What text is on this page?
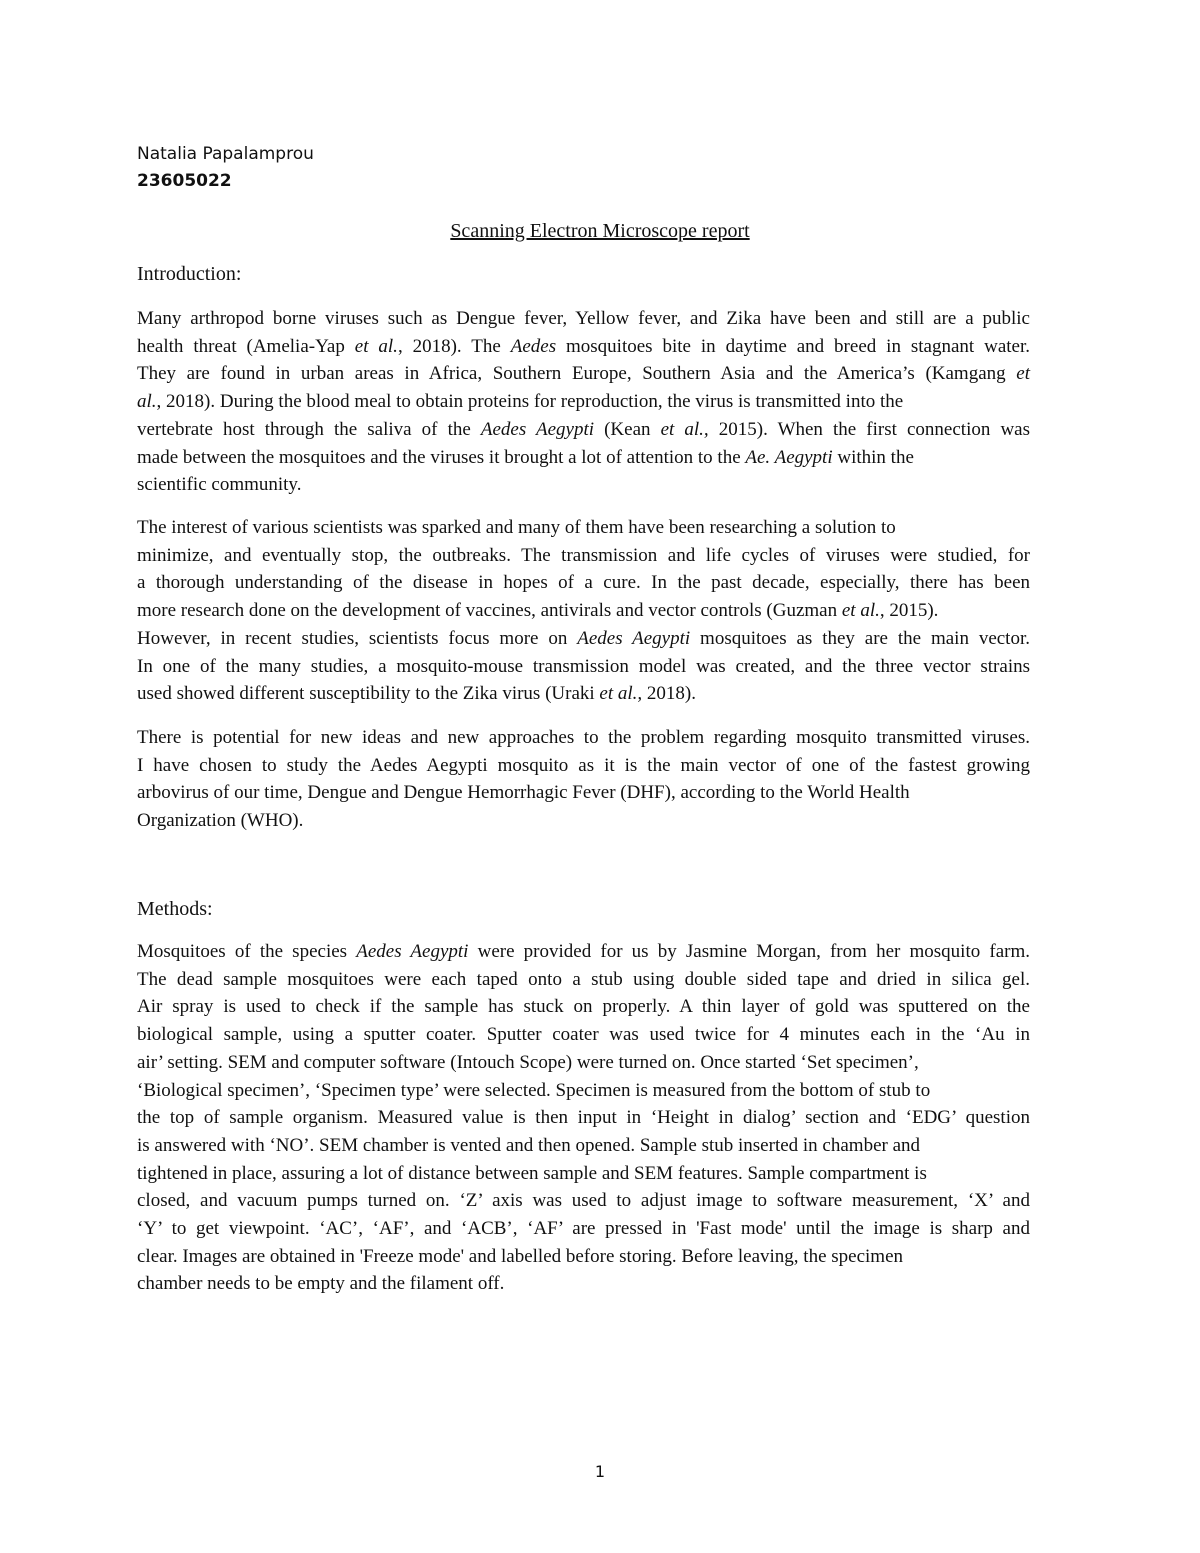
Natalia Papalamprou
23605022
Scanning Electron Microscope report
Introduction:
Many arthropod borne viruses such as Dengue fever, Yellow fever, and Zika have been and still are a public
health threat (Amelia-Yap et al., 2018). The Aedes mosquitoes bite in daytime and breed in stagnant water.
They are found in urban areas in Africa, Southern Europe, Southern Asia and the America’s (Kamgang et
al., 2018). During the blood meal to obtain proteins for reproduction, the virus is transmitted into the
vertebrate host through the saliva of the Aedes Aegypti (Kean et al., 2015). When the first connection was
made between the mosquitoes and the viruses it brought a lot of attention to the Ae. Aegypti within the
scientific community.
The interest of various scientists was sparked and many of them have been researching a solution to
minimize, and eventually stop, the outbreaks. The transmission and life cycles of viruses were studied, for
a thorough understanding of the disease in hopes of a cure. In the past decade, especially, there has been
more research done on the development of vaccines, antivirals and vector controls (Guzman et al., 2015).
However, in recent studies, scientists focus more on Aedes Aegypti mosquitoes as they are the main vector.
In one of the many studies, a mosquito-mouse transmission model was created, and the three vector strains
used showed different susceptibility to the Zika virus (Uraki et al., 2018).
There is potential for new ideas and new approaches to the problem regarding mosquito transmitted viruses.
I have chosen to study the Aedes Aegypti mosquito as it is the main vector of one of the fastest growing
arbovirus of our time, Dengue and Dengue Hemorrhagic Fever (DHF), according to the World Health
Organization (WHO).
Methods:
Mosquitoes of the species Aedes Aegypti were provided for us by Jasmine Morgan, from her mosquito farm.
The dead sample mosquitoes were each taped onto a stub using double sided tape and dried in silica gel.
Air spray is used to check if the sample has stuck on properly. A thin layer of gold was sputtered on the
biological sample, using a sputter coater. Sputter coater was used twice for 4 minutes each in the ‘Au in
air’ setting. SEM and computer software (Intouch Scope) were turned on. Once started ‘Set specimen’,
‘Biological specimen’, ‘Specimen type’ were selected. Specimen is measured from the bottom of stub to
the top of sample organism. Measured value is then input in ‘Height in dialog’ section and ‘EDG’ question
is answered with ‘NO’. SEM chamber is vented and then opened. Sample stub inserted in chamber and
tightened in place, assuring a lot of distance between sample and SEM features. Sample compartment is
closed, and vacuum pumps turned on. ‘Z’ axis was used to adjust image to software measurement, ‘X’ and
‘Y’ to get viewpoint. ‘AC’, ‘AF’, and ‘ACB’, ‘AF’ are pressed in 'Fast mode' until the image is sharp and
clear. Images are obtained in 'Freeze mode' and labelled before storing. Before leaving, the specimen
chamber needs to be empty and the filament off.
1
